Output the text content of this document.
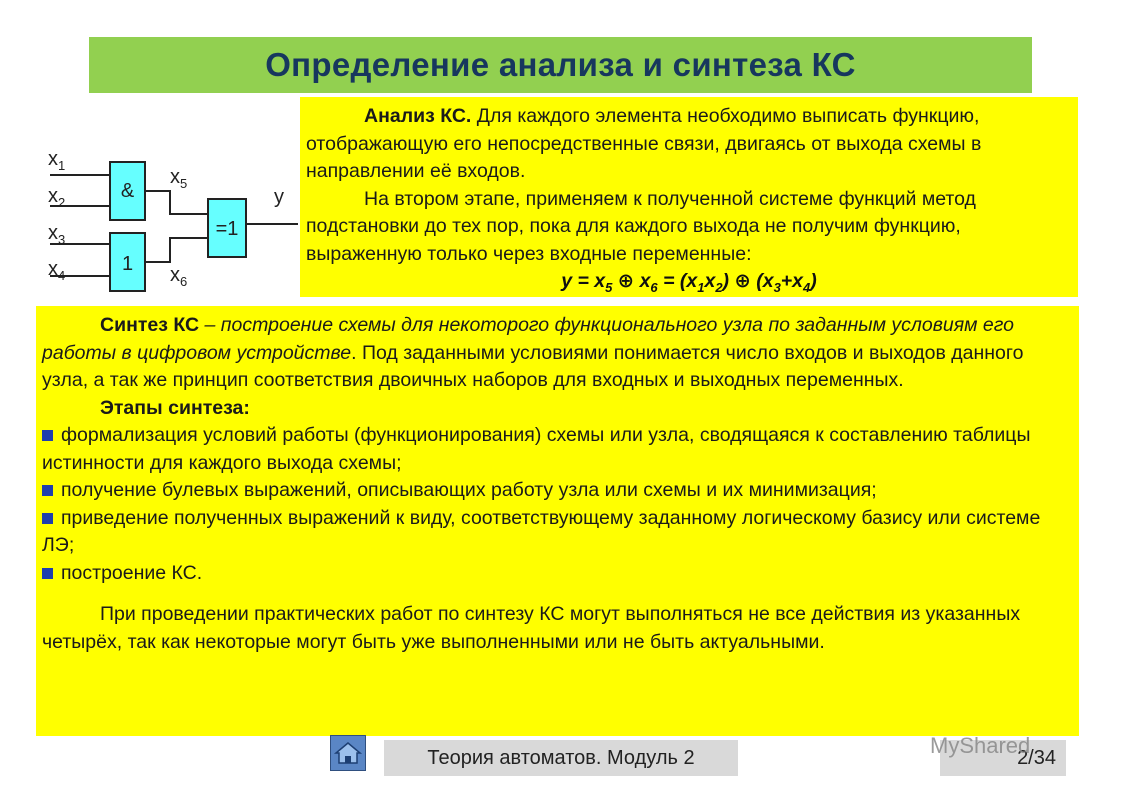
Определение анализа и синтеза КС
$x_1$
$x_2$
$x_3$
$x_4$
&
1
=1
$x_5$
$x_6$
y

Анализ КС. Для каждого элемента необходимо выписать функцию, отображающую его непосредственные связи, двигаясь от выхода схемы в направлении её входов.

На втором этапе, применяем к полученной системе функций метод подстановки до тех пор, пока для каждого выхода не получим функцию, выраженную только через входные переменные:

$y = x_5$ ⊕ $x_6 = (x_1x_2)$ ⊕ $(x_3+x_4)$

Синтез КС – построение схемы для некоторого функционального узла по заданным условиям его работы в цифровом устройстве. Под заданными условиями понимается число входов и выходов данного узла, а так же принцип соответствия двоичных наборов для входных и выходных переменных.

Этапы синтеза:

формализация условий работы (функционирования) схемы или узла, сводящаяся к составлению таблицы истинности для каждого выхода схемы;

получение булевых выражений, описывающих работу узла или схемы и их минимизация;

приведение полученных выражений к виду, соответствующему заданному логическому базису или системе ЛЭ;

построение КС.

При проведении практических работ по синтезу КС могут выполняться не все действия из указанных четырёх, так как некоторые могут быть уже выполненными или не быть актуальными.

Теория автоматов. Модуль 2	2/34
MyShared
